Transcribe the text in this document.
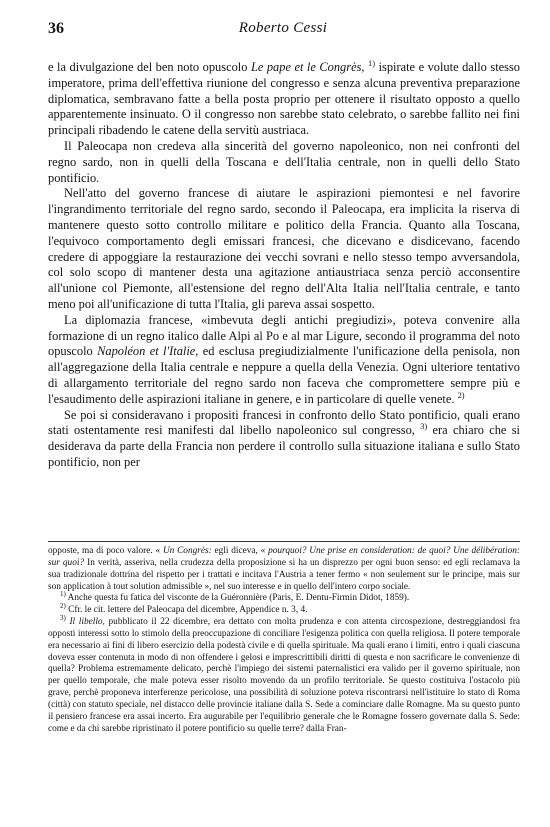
36	Roberto Cessi

e la divulgazione del ben noto opuscolo Le pape et le Congrès, $^{1)}$ ispirate e volute dallo stesso imperatore, prima dell'effettiva riunione del congresso e senza alcuna preventiva preparazione diplomatica, sembravano fatte a bella posta proprio per ottenere il risultato opposto a quello apparentemente insinuato. O il congresso non sarebbe stato celebrato, o sarebbe fallito nei fini principali ribadendo le catene della servitù austriaca.

Il Paleocapa non credeva alla sincerità del governo napoleonico, non nei confronti del regno sardo, non in quelli della Toscana e dell'Italia centrale, non in quelli dello Stato pontificio.

Nell'atto del governo francese di aiutare le aspirazioni piemontesi e nel favorire l'ingrandimento territoriale del regno sardo, secondo il Paleocapa, era implicita la riserva di mantenere questo sotto controllo militare e politico della Francia. Quanto alla Toscana, l'equivoco comportamento degli emissari francesi, che dicevano e disdicevano, facendo credere di appoggiare la restaurazione dei vecchi sovrani e nello stesso tempo avversandola, col solo scopo di mantener desta una agitazione antiaustriaca senza perciò acconsentire all'unione col Piemonte, all'estensione del regno dell'Alta Italia nell'Italia centrale, e tanto meno poi all'unificazione di tutta l'Italia, gli pareva assai sospetto.

La diplomazia francese, «imbevuta degli antichi pregiudizi», poteva convenire alla formazione di un regno italico dalle Alpi al Po e al mar Ligure, secondo il programma del noto opuscolo Napoléon et l'Italie, ed esclusa pregiudizialmente l'unificazione della penisola, non all'aggregazione della Italia centrale e neppure a quella della Venezia. Ogni ulteriore tentativo di allargamento territoriale del regno sardo non faceva che compromettere sempre più e l'esaudimento delle aspirazioni italiane in genere, e in particolare di quelle venete. $^{2)}$

Se poi si consideravano i propositi francesi in confronto dello Stato pontificio, quali erano stati ostentamente resi manifesti dal libello napoleonico sul congresso, $^{3)}$ era chiaro che si desiderava da parte della Francia non perdere il controllo sulla situazione italiana e sullo Stato pontificio, non per

opposte, ma di poco valore. « Un Congrès: egli diceva, « pourquoi? Une prise en consideration: de quoi? Une délibération: sur quoi? In verità, asseriva, nella crudezza della proposizione si ha un disprezzo per ogni buon senso: ed egli reclamava la sua tradizionale dottrina del rispetto per i trattati e incitava l'Austria a tener fermo « non seulement sur le principe, mais sur son application à tout solution admissible », nel suo interesse e in quello dell'intero corpo sociale.

$^{1)}$ Anche questa fu fatica del visconte de la Guéronnière (Paris, E. Dentu-Firmin Didot, 1859).

$^{2)}$ Cfr. le cit. lettere del Paleocapa del dicembre, Appendice n. 3, 4.

$^{3)}$ Il libello, pubblicato il 22 dicembre, era dettato con molta prudenza e con attenta circospezione, destreggiandosi fra opposti interessi sotto lo stimolo della preoccupazione di conciliare l'esigenza politica con quella religiosa. Il potere temporale era necessario ai fini di libero esercizio della podestà civile e di quella spirituale. Ma quali erano i limiti, entro i quali ciascuna doveva esser contenuta in modo di non offendere i gelosi e imprescrittibili diritti di questa e non sacrificare le convenienze di quella? Problema estremamente delicato, perchè l'impiego dei sistemi paternalistici era valido per il governo spirituale, non per quello temporale, che male poteva esser risolto movendo da un profilo territoriale. Se questo costituiva l'ostacolo più grave, perchè proponeva interferenze pericolose, una possibilità di soluzione poteva riscontrarsi nell'istituire lo stato di Roma (città) con statuto speciale, nel distacco delle provincie italiane dalla S. Sede a cominciare dalle Romagne. Ma su questo punto il pensiero francese era assai incerto. Era augurabile per l'equilibrio generale che le Romagne fossero governate dalla S. Sede: come e da chi sarebbe ripristinato il potere pontificio su quelle terre? dalla Fran-
